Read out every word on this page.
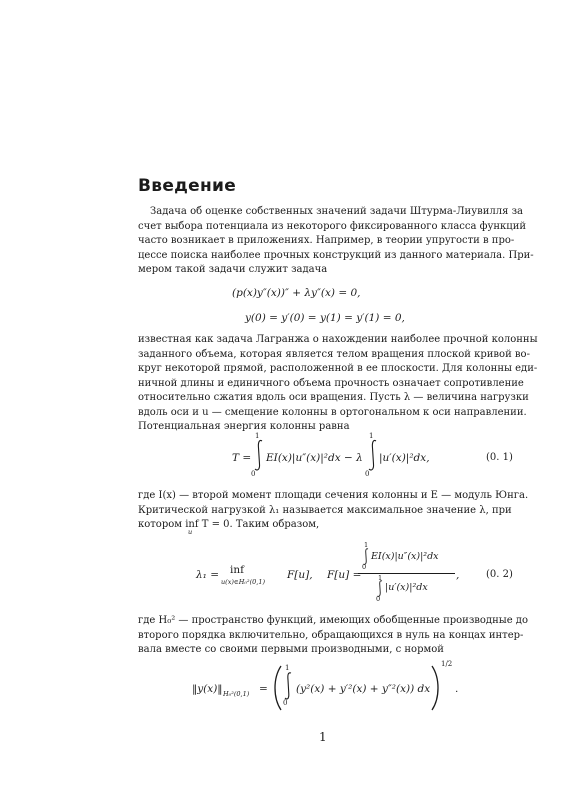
Введение
Задача об оценке собственных значений задачи Штурма-Лиувилля за
счет выбора потенциала из некоторого фиксированного класса функций
часто возникает в приложениях. Например, в теории упругости в про-
цессе поиска наиболее прочных конструкций из данного материала. При-
мером такой задачи служит задача
(p(x)y″(x))″ + λy″(x) = 0,
y(0) = y′(0) = y(1) = y′(1) = 0,
известная как задача Лагранжа о нахождении наиболее прочной колонны
заданного объема, которая является телом вращения плоской кривой во-
круг некоторой прямой, расположенной в ее плоскости. Для колонны еди-
ничной длины и единичного объема прочность означает сопротивление
относительно сжатия вдоль оси вращения. Пусть λ — величина нагрузки
вдоль оси и u — смещение колонны в ортогональном к оси направлении.
Потенциальная энергия колонны равна
T =
1
0
EI(x)|u″(x)|²dx − λ
1
0
|u′(x)|²dx,	(0. 1)
где I(x) — второй момент площади сечения колонны и E — модуль Юнга.
Критической нагрузкой λ₁ называется максимальное значение λ, при
котором inf T = 0. Таким образом,
u
λ₁ = inf
u(x)∈H₀²(0,1)
F[u], F[u] =
1
0
EI(x)|u″(x)|²dx
1
0
|u′(x)|²dx
,	(0. 2)
где H₀² — пространство функций, имеющих обобщенные производные до
второго порядка включительно, обращающихся в нуль на концах интер-
вала вместе со своими первыми производными, с нормой
‖y(x)‖ H₀²(0,1) =
1
0
(y²(x) + y′²(x) + y″²(x)) dx
1/2
.
1
